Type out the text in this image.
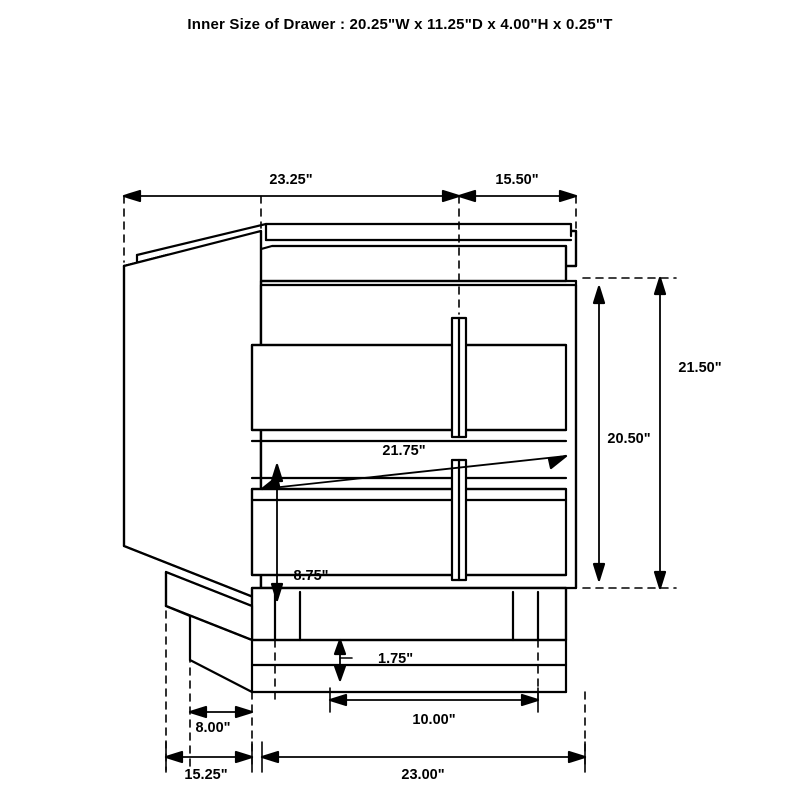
Inner Size of Drawer : 20.25"W x 11.25"D x 4.00"H x 0.25"T
23.25"	15.50"
21.50"
20.50"
21.75"
8.75"
1.75"
8.00"	10.00"
15.25"	23.00"
